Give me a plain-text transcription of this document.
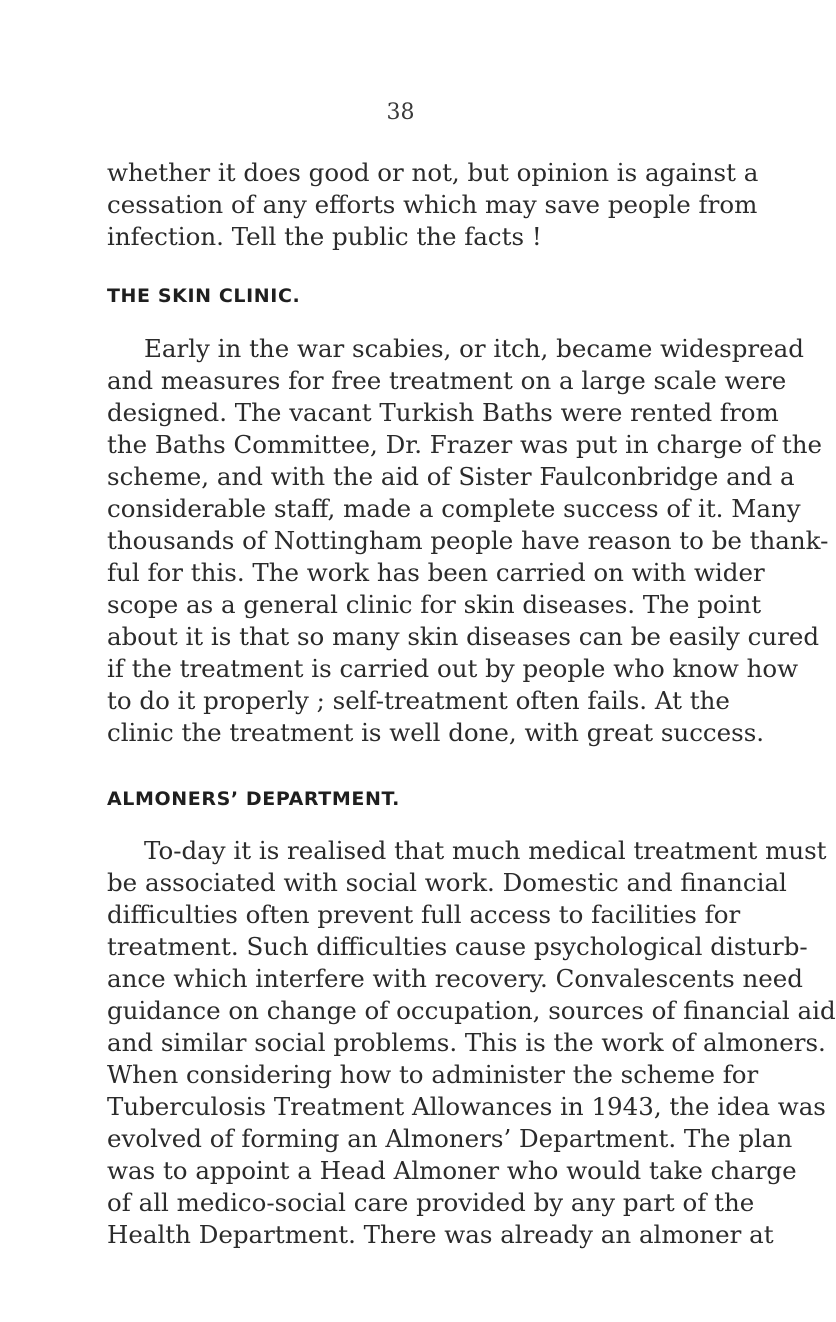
38
whether it does good or not, but opinion is against a
cessation of any efforts which may save people from
infection. Tell the public the facts !
THE SKIN CLINIC.
Early in the war scabies, or itch, became widespread
and measures for free treatment on a large scale were
designed. The vacant Turkish Baths were rented from
the Baths Committee, Dr. Frazer was put in charge of the
scheme, and with the aid of Sister Faulconbridge and a
considerable staff, made a complete success of it. Many
thousands of Nottingham people have reason to be thank-
ful for this. The work has been carried on with wider
scope as a general clinic for skin diseases. The point
about it is that so many skin diseases can be easily cured
if the treatment is carried out by people who know how
to do it properly ; self-treatment often fails. At the
clinic the treatment is well done, with great success.
ALMONERS’ DEPARTMENT.
To-day it is realised that much medical treatment must
be associated with social work. Domestic and financial
difficulties often prevent full access to facilities for
treatment. Such difficulties cause psychological disturb-
ance which interfere with recovery. Convalescents need
guidance on change of occupation, sources of financial aid
and similar social problems. This is the work of almoners.
When considering how to administer the scheme for
Tuberculosis Treatment Allowances in 1943, the idea was
evolved of forming an Almoners’ Department. The plan
was to appoint a Head Almoner who would take charge
of all medico-social care provided by any part of the
Health Department. There was already an almoner at
